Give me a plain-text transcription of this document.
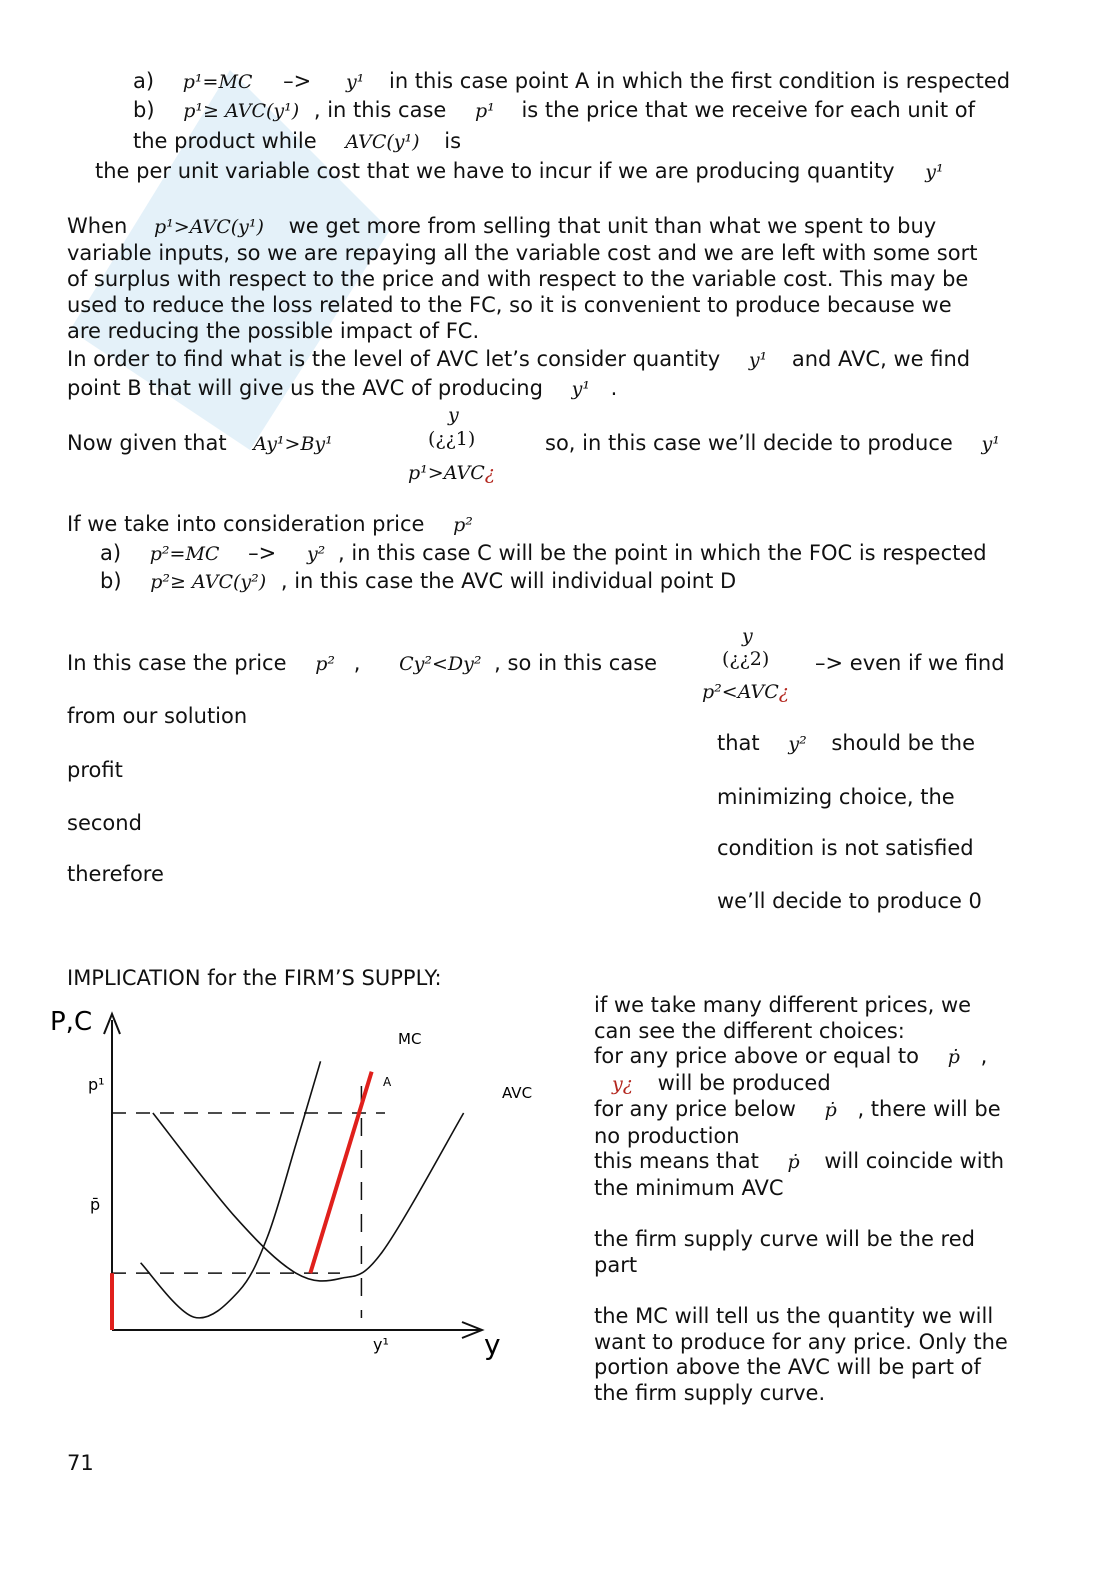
a) p¹=MC –> y¹ in this case point A in which the first condition is respected
b) p¹≥ AVC(y¹) , in this case p¹ is the price that we receive for each unit of
the product while AVC(y¹) is
the per unit variable cost that we have to incur if we are producing quantity y¹
When p¹>AVC(y¹) we get more from selling that unit than what we spent to buy
variable inputs, so we are repaying all the variable cost and we are left with some sort
of surplus with respect to the price and with respect to the variable cost. This may be
used to reduce the loss related to the FC, so it is convenient to produce because we
are reducing the possible impact of FC.
In order to find what is the level of AVC let’s consider quantity y¹ and AVC, we find
point B that will give us the AVC of producing y¹ .
Now given that Ay¹>By¹
y
(¿¿1)
p¹>AVC¿
so, in this case we’ll decide to produce y¹
If we take into consideration price p²
a) p²=MC –> y² , in this case C will be the point in which the FOC is respected
b) p²≥ AVC(y²) , in this case the AVC will individual point D
In this case the price p² , Cy²<Dy² , so in this case
y
(¿¿2)
p²<AVC¿
–> even if we find
from our solution
profit
second
therefore
that y² should be the
minimizing choice, the
condition is not satisfied
we’ll decide to produce 0
IMPLICATION for the FIRM’S SUPPLY:
P,C
y
p¹
p̄
y¹
MC
AVC
A
if we take many different prices, we
can see the different choices:
for any price above or equal to ṗ ,
y¿ will be produced
for any price below ṗ , there will be
no production
this means that ṗ will coincide with
the minimum AVC
the firm supply curve will be the red
part
the MC will tell us the quantity we will
want to produce for any price. Only the
portion above the AVC will be part of
the firm supply curve.
71
